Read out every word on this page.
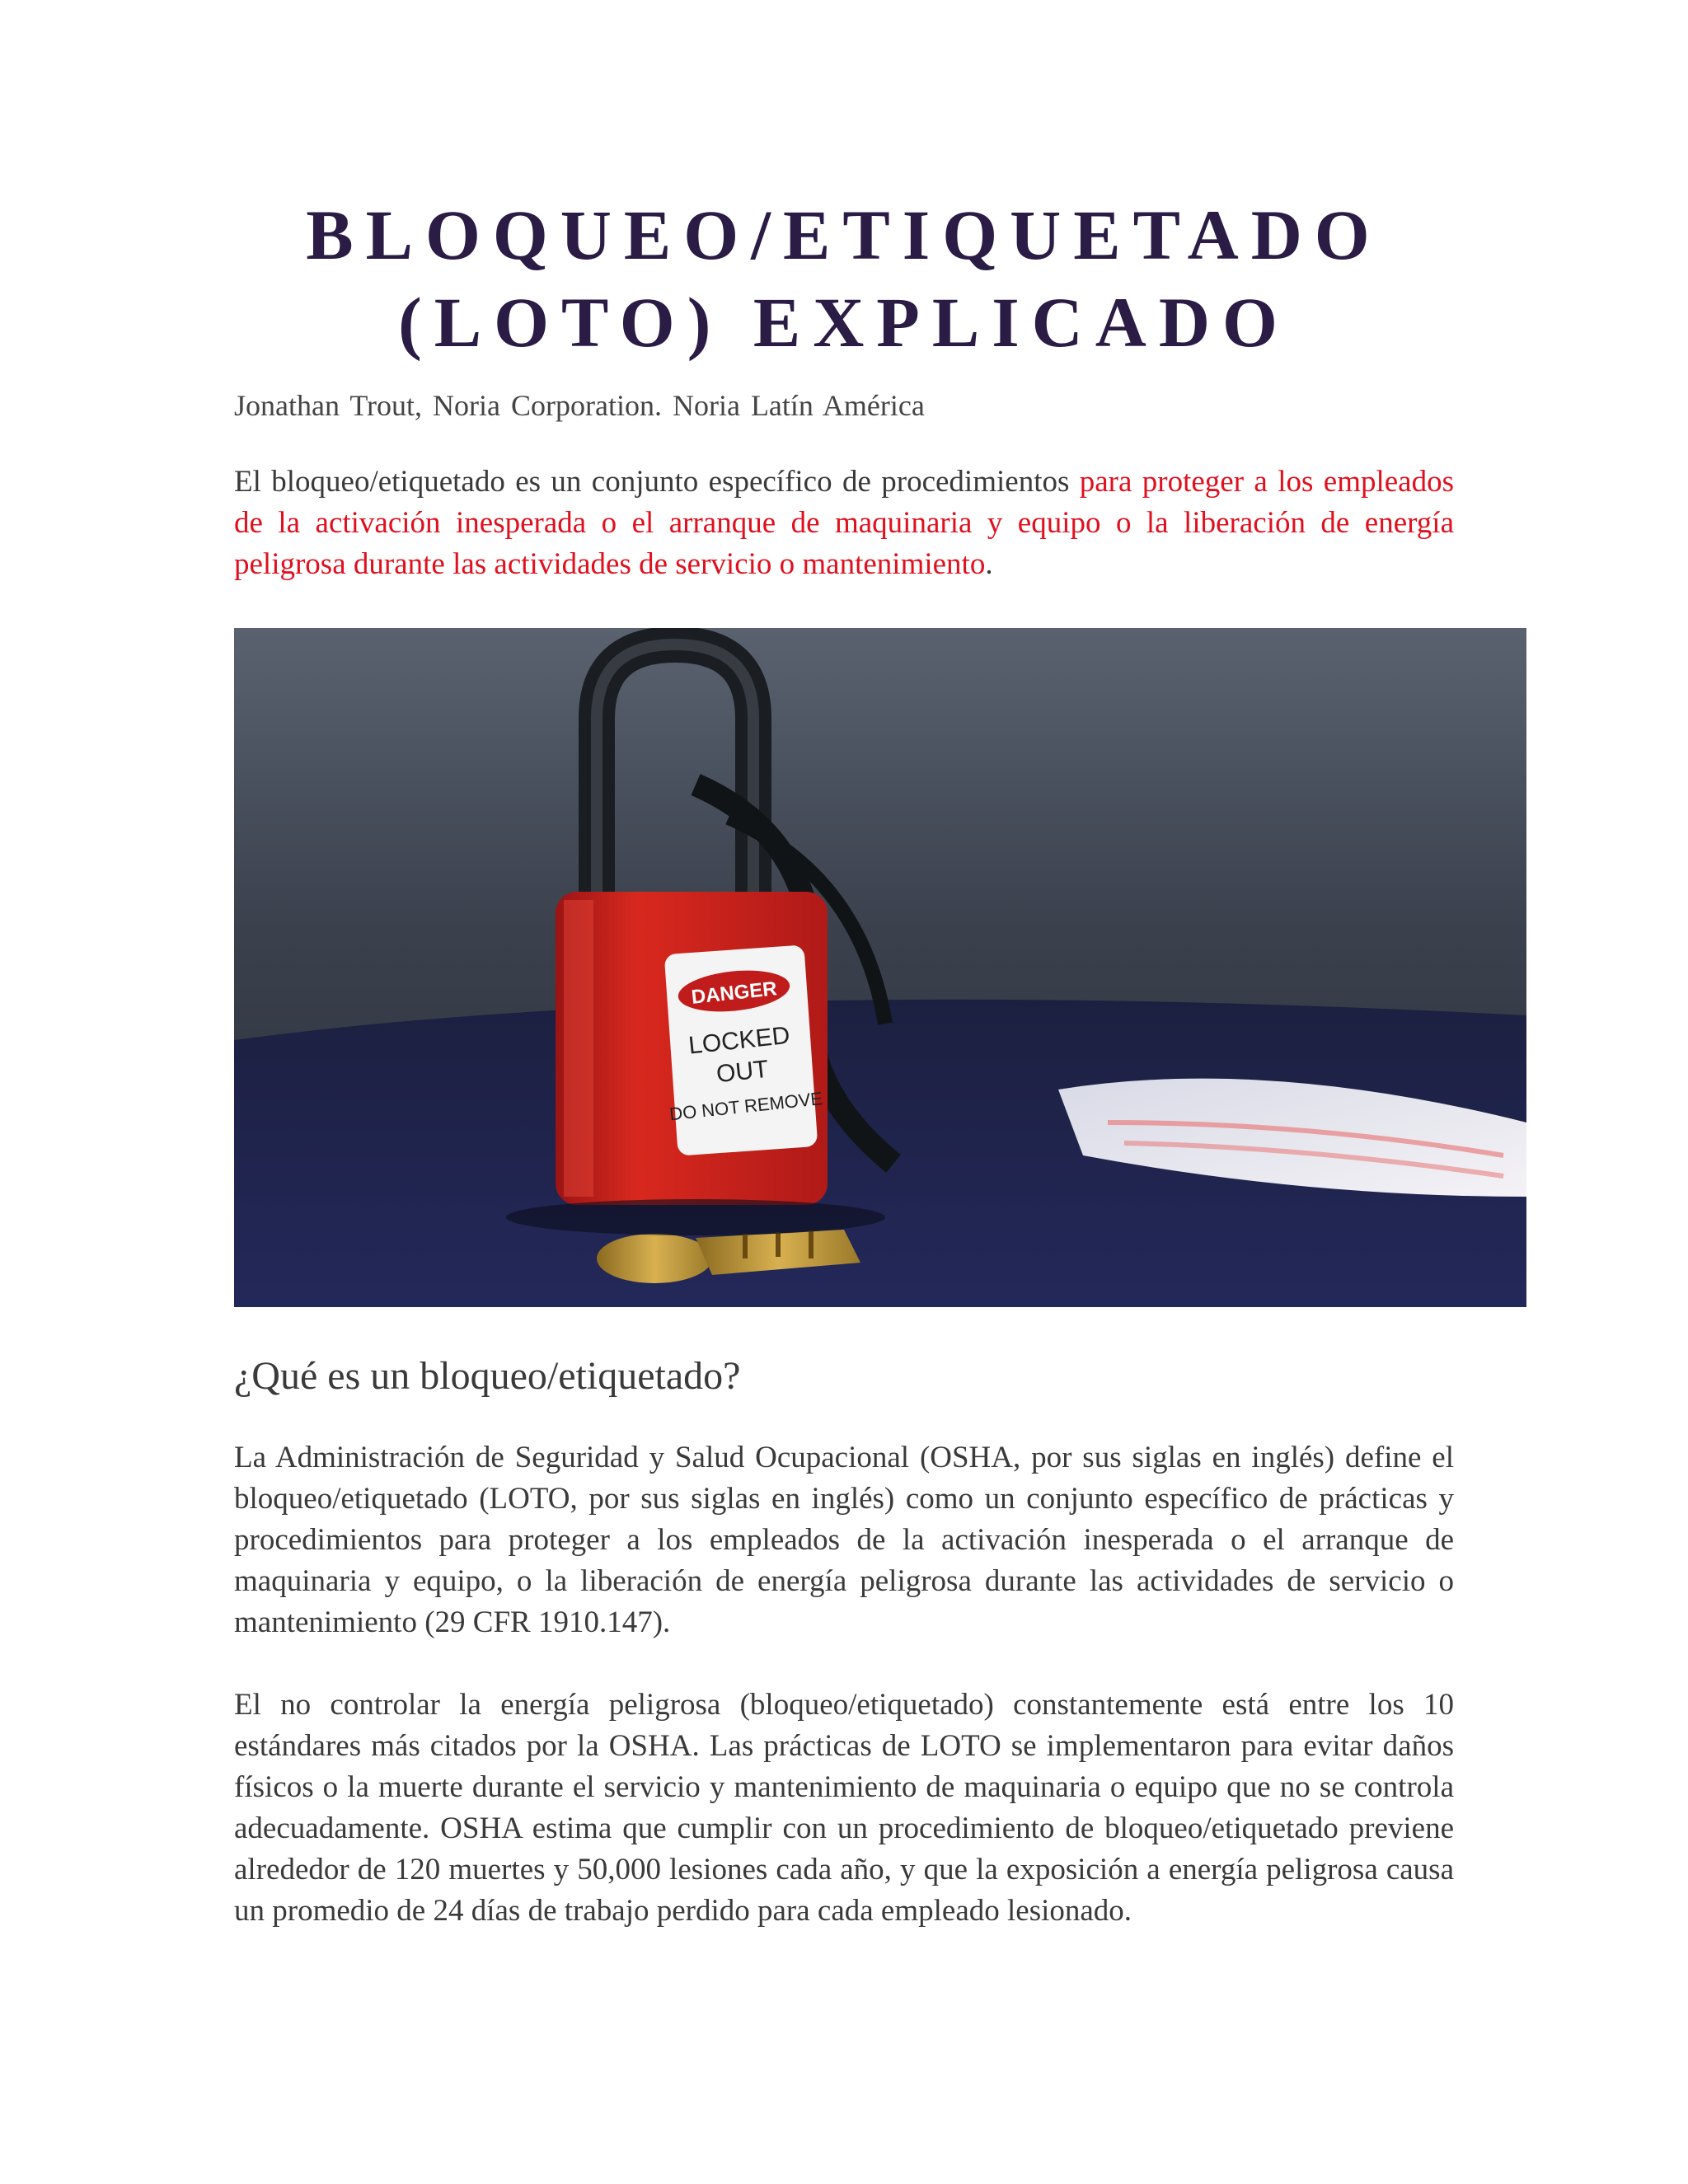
BLOQUEO/ETIQUETADO
(LOTO) EXPLICADO
Jonathan Trout, Noria Corporation. Noria Latín América
El bloqueo/etiquetado es un conjunto específico de procedimientos para proteger a los empleados de la activación inesperada o el arranque de maquinaria y equipo o la liberación de energía peligrosa durante las actividades de servicio o mantenimiento.
DANGER
LOCKED
OUT
DO NOT REMOVE
¿Qué es un bloqueo/etiquetado?
La Administración de Seguridad y Salud Ocupacional (OSHA, por sus siglas en inglés) define el bloqueo/etiquetado (LOTO, por sus siglas en inglés) como un conjunto específico de prácticas y procedimientos para proteger a los empleados de la activación inesperada o el arranque de maquinaria y equipo, o la liberación de energía peligrosa durante las actividades de servicio o mantenimiento (29 CFR 1910.147).
El no controlar la energía peligrosa (bloqueo/etiquetado) constantemente está entre los 10 estándares más citados por la OSHA. Las prácticas de LOTO se implementaron para evitar daños físicos o la muerte durante el servicio y mantenimiento de maquinaria o equipo que no se controla adecuadamente. OSHA estima que cumplir con un procedimiento de bloqueo/etiquetado previene alrededor de 120 muertes y 50,000 lesiones cada año, y que la exposición a energía peligrosa causa un promedio de 24 días de trabajo perdido para cada empleado lesionado.
